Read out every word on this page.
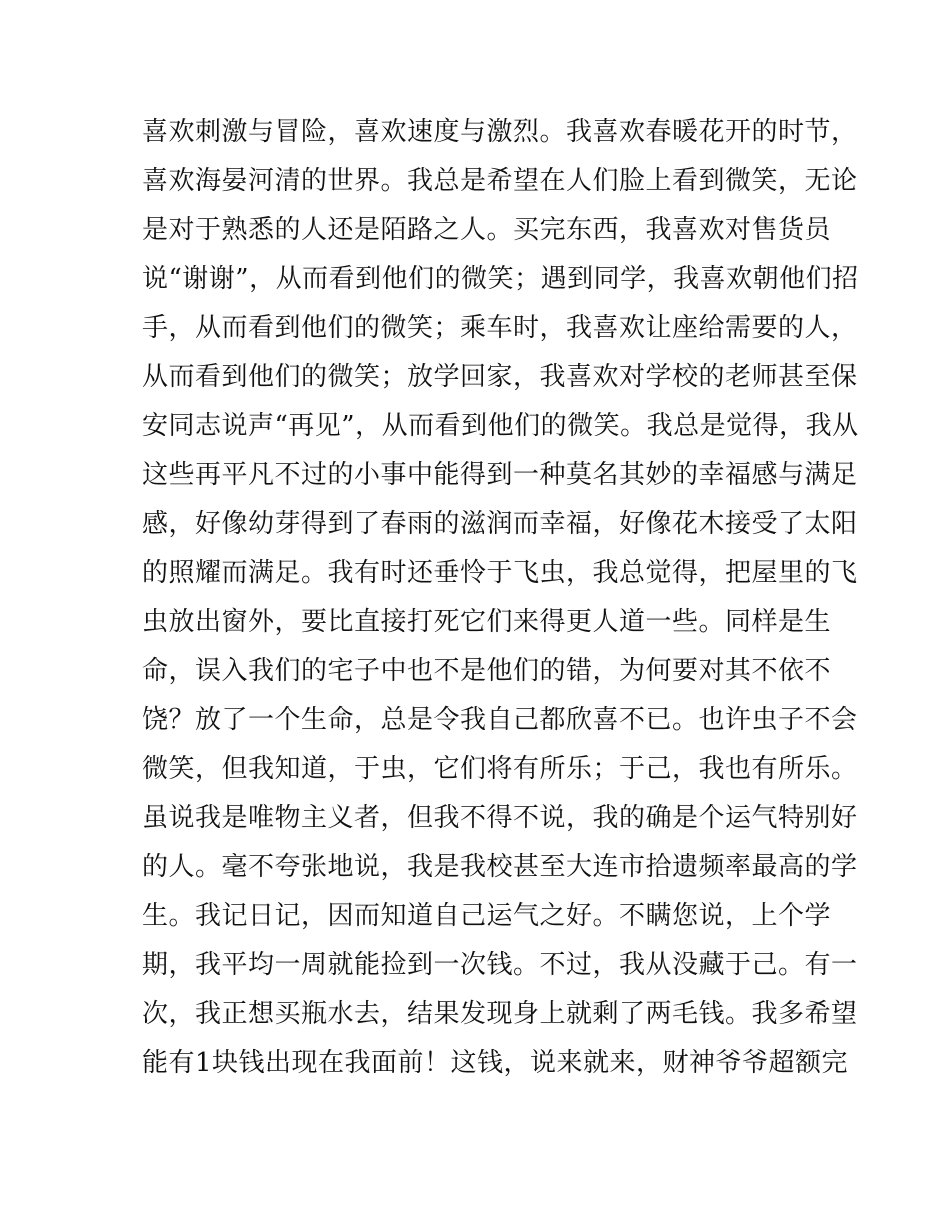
喜欢刺激与冒险，喜欢速度与激烈。我喜欢春暖花开的时节，
喜欢海晏河清的世界。我总是希望在人们脸上看到微笑，无论
是对于熟悉的人还是陌路之人。买完东西，我喜欢对售货员
说“谢谢”，从而看到他们的微笑；遇到同学，我喜欢朝他们招
手，从而看到他们的微笑；乘车时，我喜欢让座给需要的人，
从而看到他们的微笑；放学回家，我喜欢对学校的老师甚至保
安同志说声“再见”，从而看到他们的微笑。我总是觉得，我从
这些再平凡不过的小事中能得到一种莫名其妙的幸福感与满足
感，好像幼芽得到了春雨的滋润而幸福，好像花木接受了太阳
的照耀而满足。我有时还垂怜于飞虫，我总觉得，把屋里的飞
虫放出窗外，要比直接打死它们来得更人道一些。同样是生
命，误入我们的宅子中也不是他们的错，为何要对其不依不
饶？放了一个生命，总是令我自己都欣喜不已。也许虫子不会
微笑，但我知道，于虫，它们将有所乐；于己，我也有所乐。
虽说我是唯物主义者，但我不得不说，我的确是个运气特别好
的人。毫不夸张地说，我是我校甚至大连市拾遗频率最高的学
生。我记日记，因而知道自己运气之好。不瞒您说，上个学
期，我平均一周就能捡到一次钱。不过，我从没藏于己。有一
次，我正想买瓶水去，结果发现身上就剩了两毛钱。我多希望
能有1块钱出现在我面前！这钱，说来就来，财神爷爷超额完
